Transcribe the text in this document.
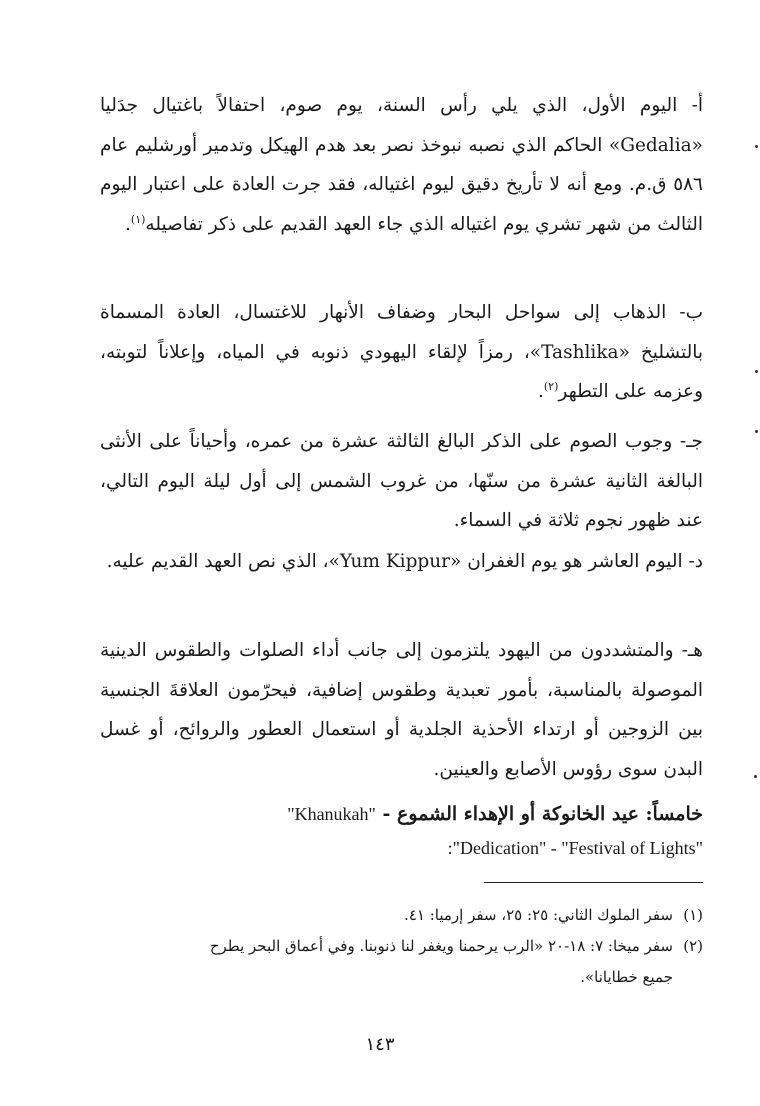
أ- اليوم الأول، الذي يلي رأس السنة، يوم صوم، احتفالاً باغتيال جدَليا «Gedalia» الحاكم الذي نصبه نبوخذ نصر بعد هدم الهيكل وتدمير أورشليم عام ٥٨٦ ق.م. ومع أنه لا تأريخ دقيق ليوم اغتياله، فقد جرت العادة على اعتبار اليوم الثالث من شهر تشري يوم اغتياله الذي جاء العهد القديم على ذكر تفاصيله$^{(١)}$.

ب- الذهاب إلى سواحل البحار وضفاف الأنهار للاغتسال، العادة المسماة بالتشليخ «Tashlika»، رمزاً لإلقاء اليهودي ذنوبه في المياه، وإعلاناً لتوبته، وعزمه على التطهر$^{(٢)}$.

جـ- وجوب الصوم على الذكر البالغ الثالثة عشرة من عمره، وأحياناً على الأنثى البالغة الثانية عشرة من سنّها، من غروب الشمس إلى أول ليلة اليوم التالي، عند ظهور نجوم ثلاثة في السماء.

د- اليوم العاشر هو يوم الغفران «Yum Kippur»، الذي نص العهد القديم عليه.

هـ- والمتشددون من اليهود يلتزمون إلى جانب أداء الصلوات والطقوس الدينية الموصولة بالمناسبة، بأمور تعبدية وطقوس إضافية، فيحرّمون العلاقةَ الجنسية بين الزوجين أو ارتداء الأحذية الجلدية أو استعمال العطور والروائح، أو غسل البدن سوى رؤوس الأصابع والعينين.

خامساً: عيد الخانوكة أو الإهداء الشموع - "Khanukah"
:"Dedication" - "Festival of Lights"

(١)سفر الملوك الثاني: ٢٥: ٢٥، سفر إرميا: ٤١.

(٢)سفر ميخا: ٧: ١٨-٢٠ «الرب يرحمنا ويغفر لنا ذنوبنا. وفي أعماق البحر يطرح

جميع خطايانا».

١٤٣
